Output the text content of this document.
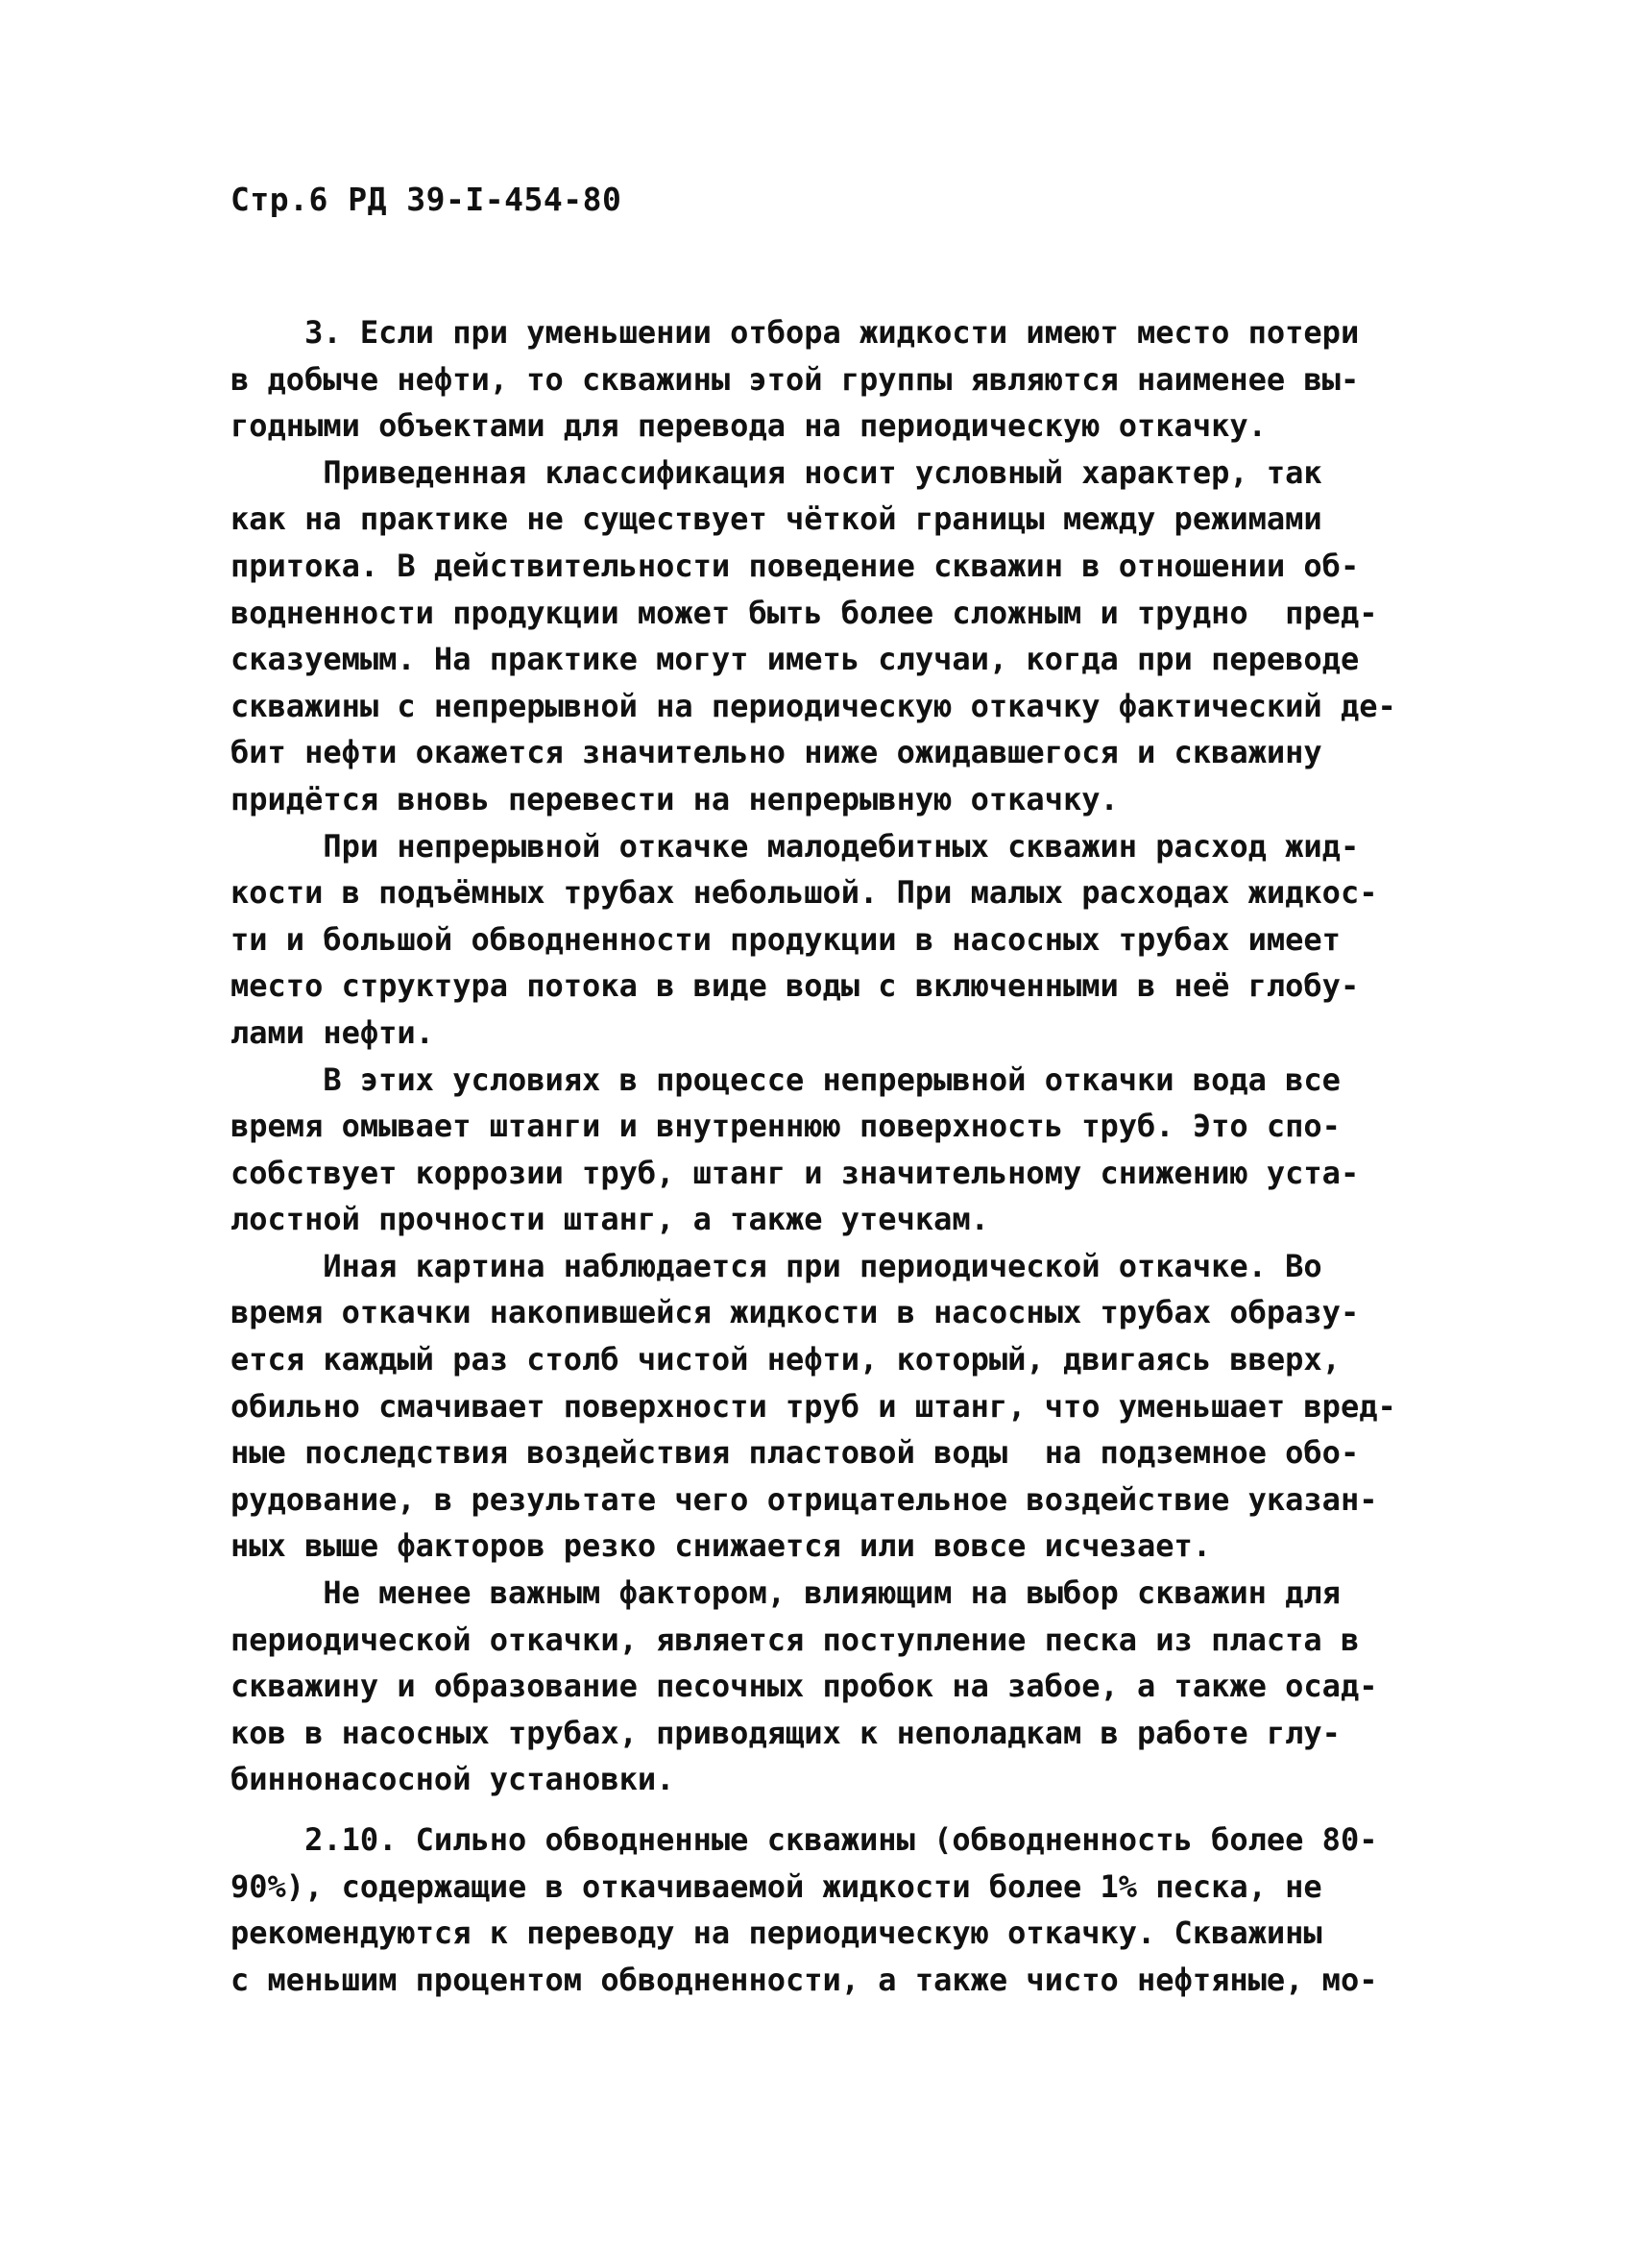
Стр.6 РД 39-I-454-80
3. Если при уменьшении отбора жидкости имеют место потери
в добыче нефти, то скважины этой группы являются наименее вы-
годными объектами для перевода на периодическую откачку.
Приведенная классификация носит условный характер, так
как на практике не существует чёткой границы между режимами
притока. В действительности поведение скважин в отношении об-
водненности продукции может быть более сложным и трудно  пред-
сказуемым. На практике могут иметь случаи, когда при переводе
скважины с непрерывной на периодическую откачку фактический де-
бит нефти окажется значительно ниже ожидавшегося и скважину
придётся вновь перевести на непрерывную откачку.
При непрерывной откачке малодебитных скважин расход жид-
кости в подъёмных трубах небольшой. При малых расходах жидкос-
ти и большой обводненности продукции в насосных трубах имеет
место структура потока в виде воды с включенными в неё глобу-
лами нефти.
В этих условиях в процессе непрерывной откачки вода все
время омывает штанги и внутреннюю поверхность труб. Это спо-
собствует коррозии труб, штанг и значительному снижению уста-
лостной прочности штанг, а также утечкам.
Иная картина наблюдается при периодической откачке. Во
время откачки накопившейся жидкости в насосных трубах образу-
ется каждый раз столб чистой нефти, который, двигаясь вверх,
обильно смачивает поверхности труб и штанг, что уменьшает вред-
ные последствия воздействия пластовой воды  на подземное обо-
рудование, в результате чего отрицательное воздействие указан-
ных выше факторов резко снижается или вовсе исчезает.
Не менее важным фактором, влияющим на выбор скважин для
периодической откачки, является поступление песка из пласта в
скважину и образование песочных пробок на забое, а также осад-
ков в насосных трубах, приводящих к неполадкам в работе глу-
биннонасосной установки.
2.10. Сильно обводненные скважины (обводненность более 80-
90%), содержащие в откачиваемой жидкости более 1% песка, не
рекомендуются к переводу на периодическую откачку. Скважины
с меньшим процентом обводненности, а также чисто нефтяные, мо-
